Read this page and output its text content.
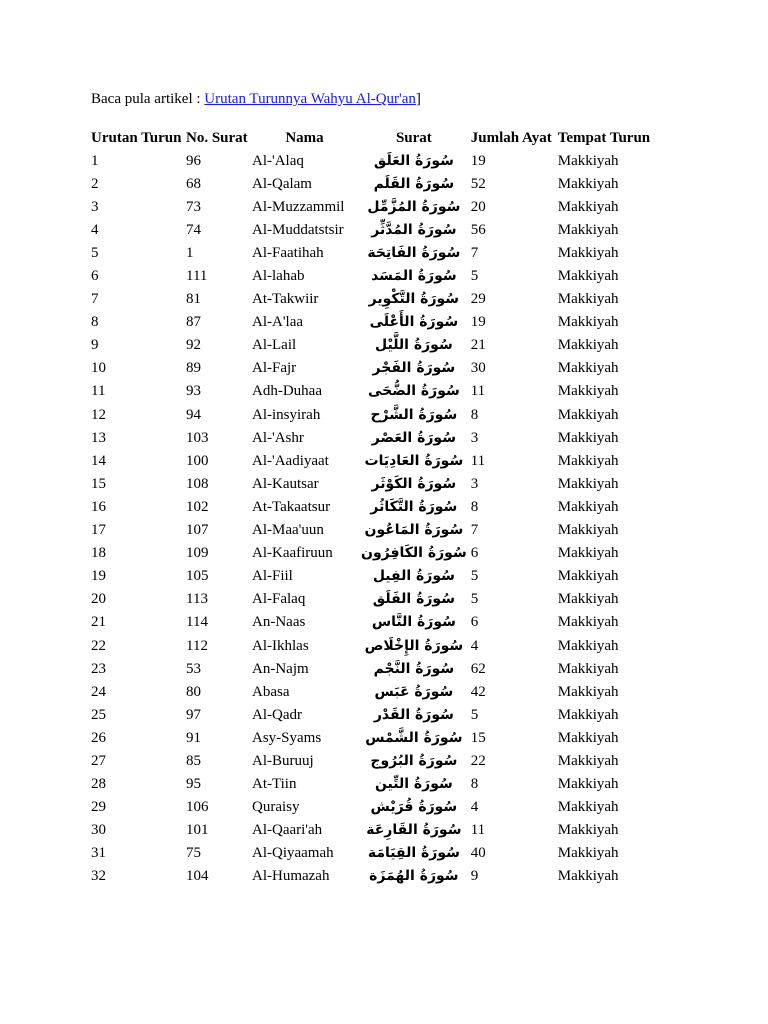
Baca pula artikel : Urutan Turunnya Wahyu Al-Qur'an]
Urutan Turun	No. Surat	Nama	Surat	Jumlah Ayat	Tempat Turun
1	96	Al-'Alaq	سُورَةُ العَلَق	19	Makkiyah
2	68	Al-Qalam	سُورَةُ القَلَم	52	Makkiyah
3	73	Al-Muzzammil	سُورَةُ المُزَّمِّل	20	Makkiyah
4	74	Al-Muddatstsir	سُورَةُ المُدَّثِّر	56	Makkiyah
5	1	Al-Faatihah	سُورَةُ الفَاتِحَة	7	Makkiyah
6	111	Al-lahab	سُورَةُ المَسَد	5	Makkiyah
7	81	At-Takwiir	سُورَةُ التَّكْوِير	29	Makkiyah
8	87	Al-A'laa	سُورَةُ الأَعْلَى	19	Makkiyah
9	92	Al-Lail	سُورَةُ اللَّيْل	21	Makkiyah
10	89	Al-Fajr	سُورَةُ الفَجْر	30	Makkiyah
11	93	Adh-Duhaa	سُورَةُ الضُّحَى	11	Makkiyah
12	94	Al-insyirah	سُورَةُ الشَّرْح	8	Makkiyah
13	103	Al-'Ashr	سُورَةُ العَصْر	3	Makkiyah
14	100	Al-'Aadiyaat	سُورَةُ العَادِيَات	11	Makkiyah
15	108	Al-Kautsar	سُورَةُ الكَوْثَر	3	Makkiyah
16	102	At-Takaatsur	سُورَةُ التَّكَاثُر	8	Makkiyah
17	107	Al-Maa'uun	سُورَةُ المَاعُون	7	Makkiyah
18	109	Al-Kaafiruun	سُورَةُ الكَافِرُون	6	Makkiyah
19	105	Al-Fiil	سُورَةُ الفِيل	5	Makkiyah
20	113	Al-Falaq	سُورَةُ الفَلَق	5	Makkiyah
21	114	An-Naas	سُورَةُ النَّاس	6	Makkiyah
22	112	Al-Ikhlas	سُورَةُ الإِخْلَاص	4	Makkiyah
23	53	An-Najm	سُورَةُ النَّجْم	62	Makkiyah
24	80	Abasa	سُورَةُ عَبَس	42	Makkiyah
25	97	Al-Qadr	سُورَةُ القَدْر	5	Makkiyah
26	91	Asy-Syams	سُورَةُ الشَّمْس	15	Makkiyah
27	85	Al-Buruuj	سُورَةُ البُرُوج	22	Makkiyah
28	95	At-Tiin	سُورَةُ التِّين	8	Makkiyah
29	106	Quraisy	سُورَةُ قُرَيْش	4	Makkiyah
30	101	Al-Qaari'ah	سُورَةُ القَارِعَة	11	Makkiyah
31	75	Al-Qiyaamah	سُورَةُ القِيَامَة	40	Makkiyah
32	104	Al-Humazah	سُورَةُ الهُمَزَة	9	Makkiyah
